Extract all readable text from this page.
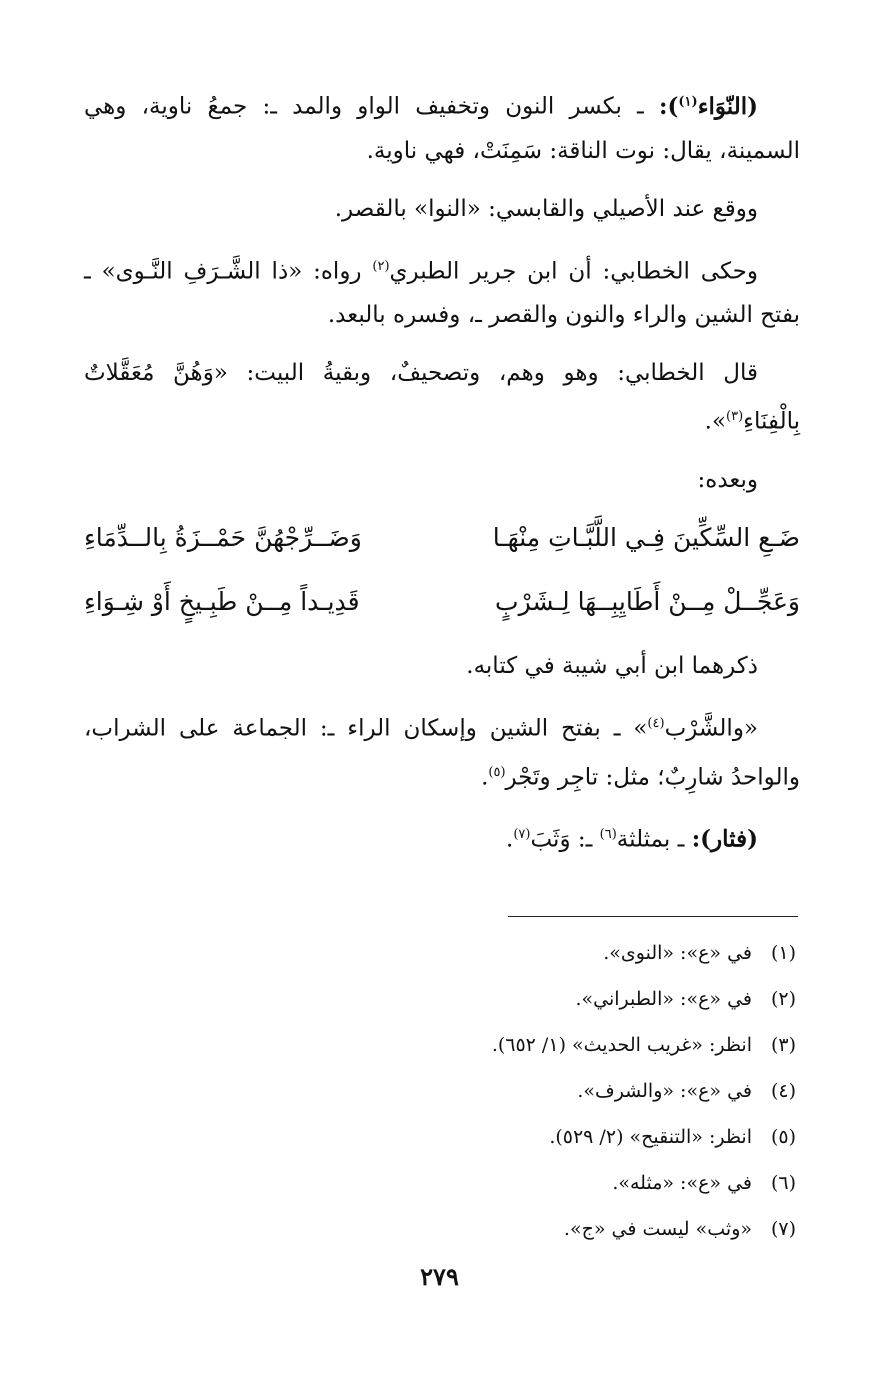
(النّوَاء$^{(١)}$): ـ بكسر النون وتخفيف الواو والمد ـ: جمعُ ناوية، وهي السمينة، يقال: نوت الناقة: سَمِنَتْ، فهي ناوية.

ووقع عند الأصيلي والقابسي: «النوا» بالقصر.

وحكى الخطابي: أن ابن جرير الطبري$^{(٢)}$ رواه: «ذا الشَّـرَفِ النَّـوى» ـ بفتح الشين والراء والنون والقصر ـ، وفسره بالبعد.

قال الخطابي: وهو وهم، وتصحيفٌ، وبقيةُ البيت: «وَهُنَّ مُعَقَّلاتٌ بِالْفِنَاءِ$^{(٣)}$».

وبعده:

ضَـعِ السِّكِّينَ فِـي اللَّبَّـاتِ مِنْهَـا
وَضَــرِّجْهُنَّ حَمْــزَةُ بِالــدِّمَاءِ
وَعَجِّــلْ مِــنْ أَطَايِبِــهَا لِـشَرْبٍ
قَدِيـداً مِــنْ طَبِـيخٍ أَوْ شِـوَاءِ

ذكرهما ابن أبي شيبة في كتابه.

«والشَّرْب$^{(٤)}$» ـ بفتح الشين وإسكان الراء ـ: الجماعة على الشراب، والواحدُ شارِبٌ؛ مثل: تاجِر وتَجْر$^{(٥)}$.

(فثار): ـ بمثلثة$^{(٦)}$ ـ: وَثَبَ$^{(٧)}$.

(١)في «ع»: «النوى».
(٢)في «ع»: «الطبراني».
(٣)انظر: «غريب الحديث» (١/ ٦٥٢).
(٤)في «ع»: «والشرف».
(٥)انظر: «التنقيح» (٢/ ٥٢٩).
(٦)في «ع»: «مثله».
(٧)«وثب» ليست في «ج».
٢٧٩
